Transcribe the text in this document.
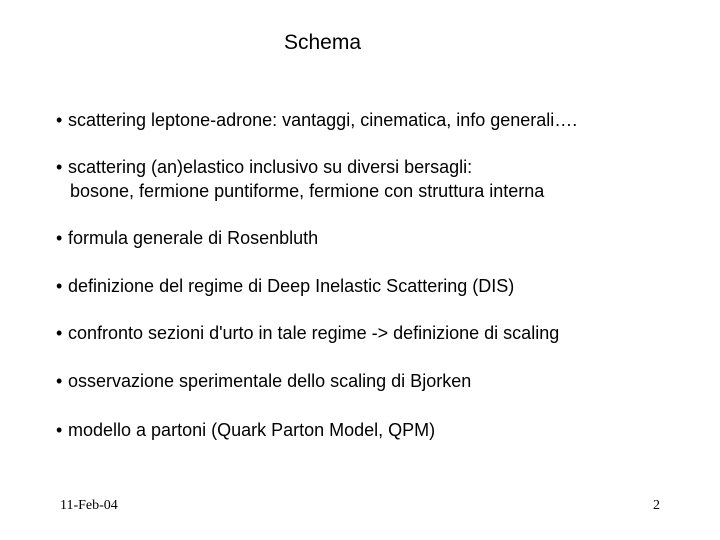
Schema
• scattering leptone-adrone: vantaggi, cinematica, info generali….
• scattering (an)elastico inclusivo su diversi bersagli:
bosone, fermione puntiforme, fermione con struttura interna
• formula generale di Rosenbluth
• definizione del regime di Deep Inelastic Scattering (DIS)
• confronto sezioni d'urto in tale regime -> definizione di scaling
• osservazione sperimentale dello scaling di Bjorken
• modello a partoni (Quark Parton Model, QPM)
11-Feb-04	2
